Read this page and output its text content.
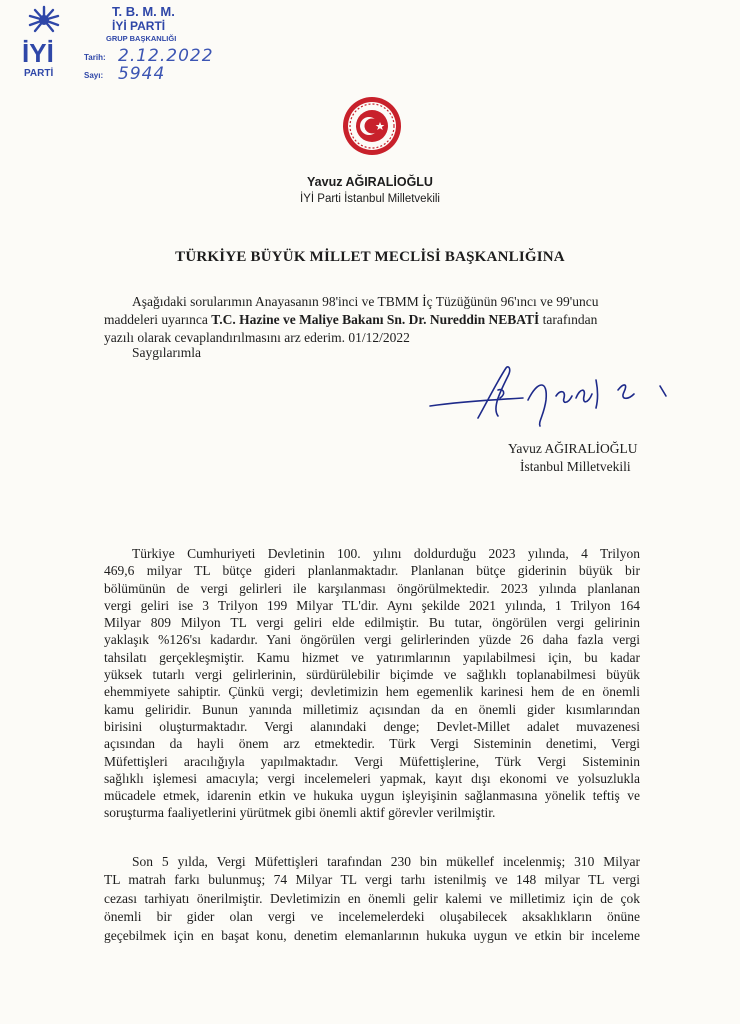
İYİ
PARTİ
T. B. M. M.
İYİ PARTİ
GRUP BAŞKANLIĞI
Tarih: 2.12.2022
Sayı: 5944
Yavuz AĞIRALİOĞLU
İYİ Parti İstanbul Milletvekili
TÜRKİYE BÜYÜK MİLLET MECLİSİ BAŞKANLIĞINA
Aşağıdaki sorularımın Anayasanın 98'inci ve TBMM İç Tüzüğünün 96'ıncı ve 99'uncu
maddeleri uyarınca T.C. Hazine ve Maliye Bakanı Sn. Dr. Nureddin NEBATİ tarafından
yazılı olarak cevaplandırılmasını arz ederim. 01/12/2022
Saygılarımla
Yavuz AĞIRALİOĞLU
İstanbul Milletvekili
Türkiye Cumhuriyeti Devletinin 100. yılını doldurduğu 2023 yılında, 4 Trilyon
469,6 milyar TL bütçe gideri planlanmaktadır. Planlanan bütçe giderinin büyük bir
bölümünün de vergi gelirleri ile karşılanması öngörülmektedir. 2023 yılında planlanan
vergi geliri ise 3 Trilyon 199 Milyar TL'dir. Aynı şekilde 2021 yılında, 1 Trilyon 164
Milyar 809 Milyon TL vergi geliri elde edilmiştir. Bu tutar, öngörülen vergi gelirinin
yaklaşık %126'sı kadardır. Yani öngörülen vergi gelirlerinden yüzde 26 daha fazla vergi
tahsilatı gerçekleşmiştir. Kamu hizmet ve yatırımlarının yapılabilmesi için, bu kadar
yüksek tutarlı vergi gelirlerinin, sürdürülebilir biçimde ve sağlıklı toplanabilmesi büyük
ehemmiyete sahiptir. Çünkü vergi; devletimizin hem egemenlik karinesi hem de en önemli
kamu geliridir. Bunun yanında milletimiz açısından da en önemli gider kısımlarından
birisini oluşturmaktadır. Vergi alanındaki denge; Devlet-Millet adalet muvazenesi
açısından da hayli önem arz etmektedir. Türk Vergi Sisteminin denetimi, Vergi
Müfettişleri aracılığıyla yapılmaktadır. Vergi Müfettişlerine, Türk Vergi Sisteminin
sağlıklı işlemesi amacıyla; vergi incelemeleri yapmak, kayıt dışı ekonomi ve yolsuzlukla
mücadele etmek, idarenin etkin ve hukuka uygun işleyişinin sağlanmasına yönelik teftiş ve
soruşturma faaliyetlerini yürütmek gibi önemli aktif görevler verilmiştir.
Son 5 yılda, Vergi Müfettişleri tarafından 230 bin mükellef incelenmiş; 310 Milyar
TL matrah farkı bulunmuş; 74 Milyar TL vergi tarhı istenilmiş ve 148 milyar TL vergi
cezası tarhiyatı önerilmiştir. Devletimizin en önemli gelir kalemi ve milletimiz için de çok
önemli bir gider olan vergi ve incelemelerdeki oluşabilecek aksaklıkların önüne
geçebilmek için en başat konu, denetim elemanlarının hukuka uygun ve etkin bir inceleme
